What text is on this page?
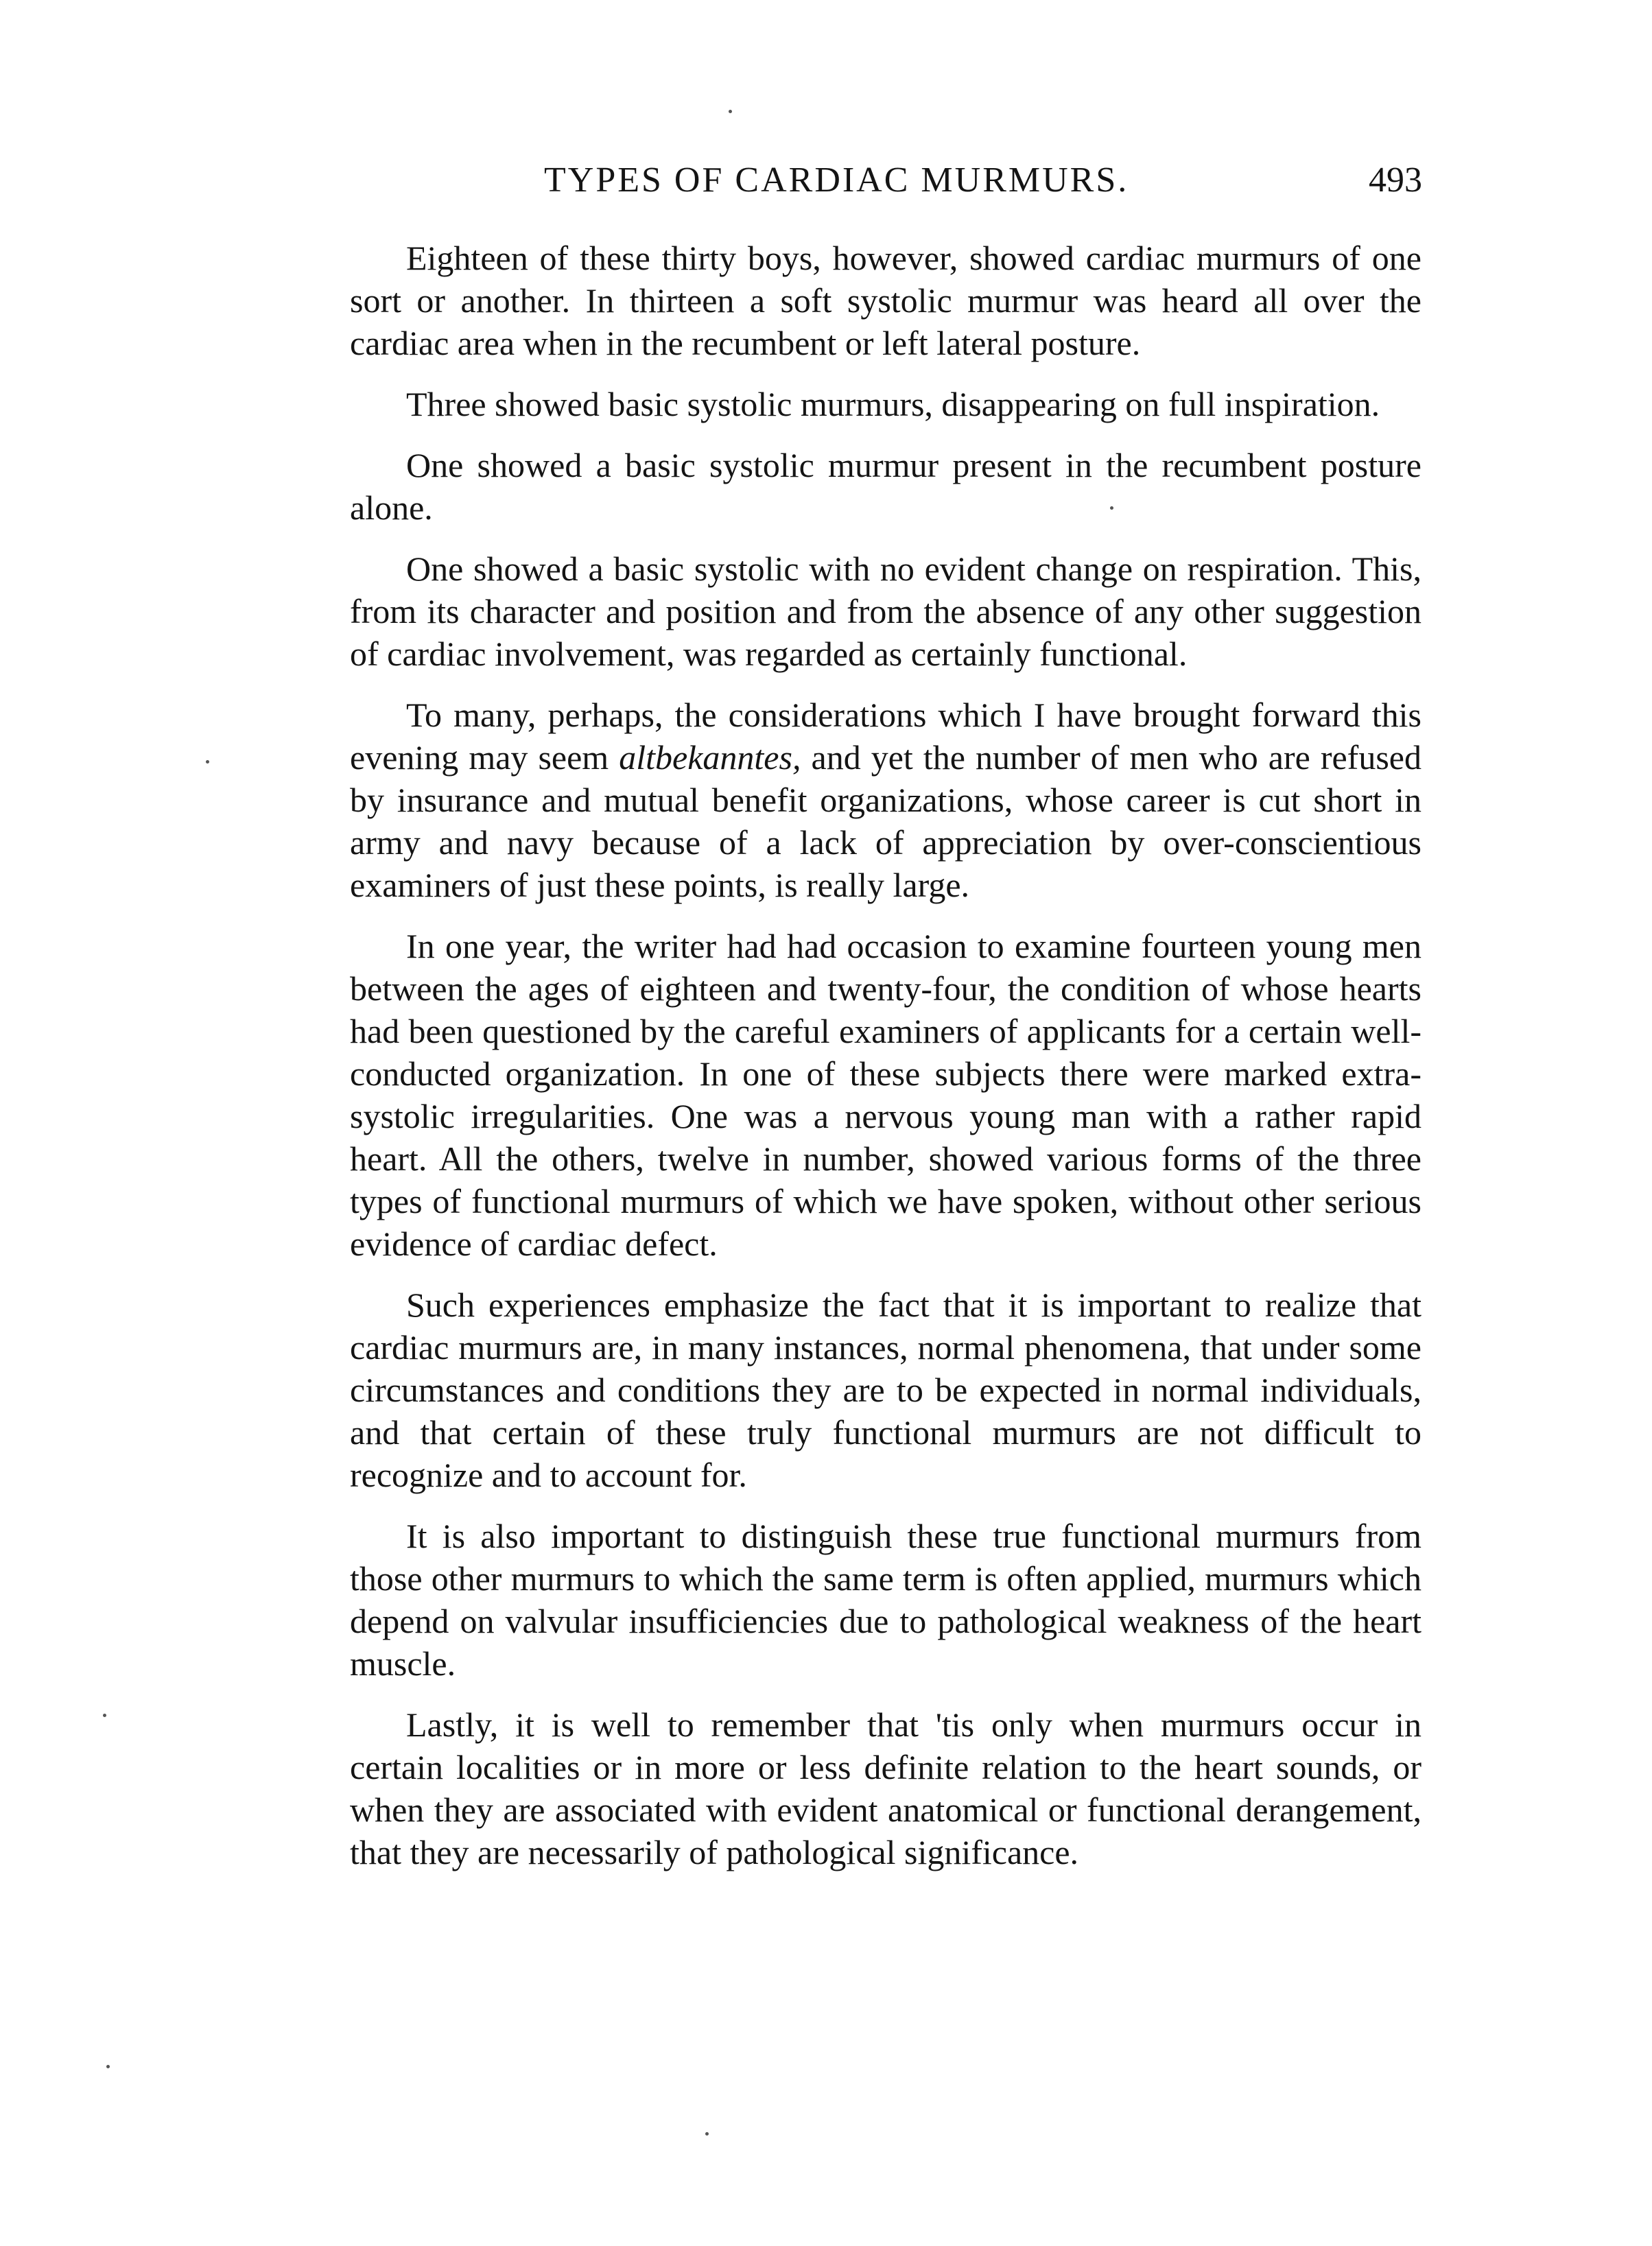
TYPES OF CARDIAC MURMURS.	493

Eighteen of these thirty boys, however, showed cardiac murmurs of one sort or another. In thirteen a soft systolic murmur was heard all over the cardiac area when in the recumbent or left lateral posture.

Three showed basic systolic murmurs, disappearing on full inspiration.

One showed a basic systolic murmur present in the recumbent posture alone.

One showed a basic systolic with no evident change on respiration. This, from its character and position and from the absence of any other suggestion of cardiac involvement, was regarded as certainly functional.

To many, perhaps, the considerations which I have brought forward this evening may seem altbekanntes, and yet the number of men who are refused by insurance and mutual benefit organizations, whose career is cut short in army and navy because of a lack of appreciation by over-conscientious examiners of just these points, is really large.

In one year, the writer had had occasion to examine fourteen young men between the ages of eighteen and twenty-four, the condition of whose hearts had been questioned by the careful examiners of applicants for a certain well-conducted organization. In one of these subjects there were marked extra-systolic irregularities. One was a nervous young man with a rather rapid heart. All the others, twelve in number, showed various forms of the three types of functional murmurs of which we have spoken, without other serious evidence of cardiac defect.

Such experiences emphasize the fact that it is important to realize that cardiac murmurs are, in many instances, normal phenomena, that under some circumstances and conditions they are to be expected in normal individuals, and that certain of these truly functional murmurs are not difficult to recognize and to account for.

It is also important to distinguish these true functional murmurs from those other murmurs to which the same term is often applied, murmurs which depend on valvular insufficiencies due to pathological weakness of the heart muscle.

Lastly, it is well to remember that 'tis only when murmurs occur in certain localities or in more or less definite relation to the heart sounds, or when they are associated with evident anatomical or functional derangement, that they are necessarily of pathological significance.
